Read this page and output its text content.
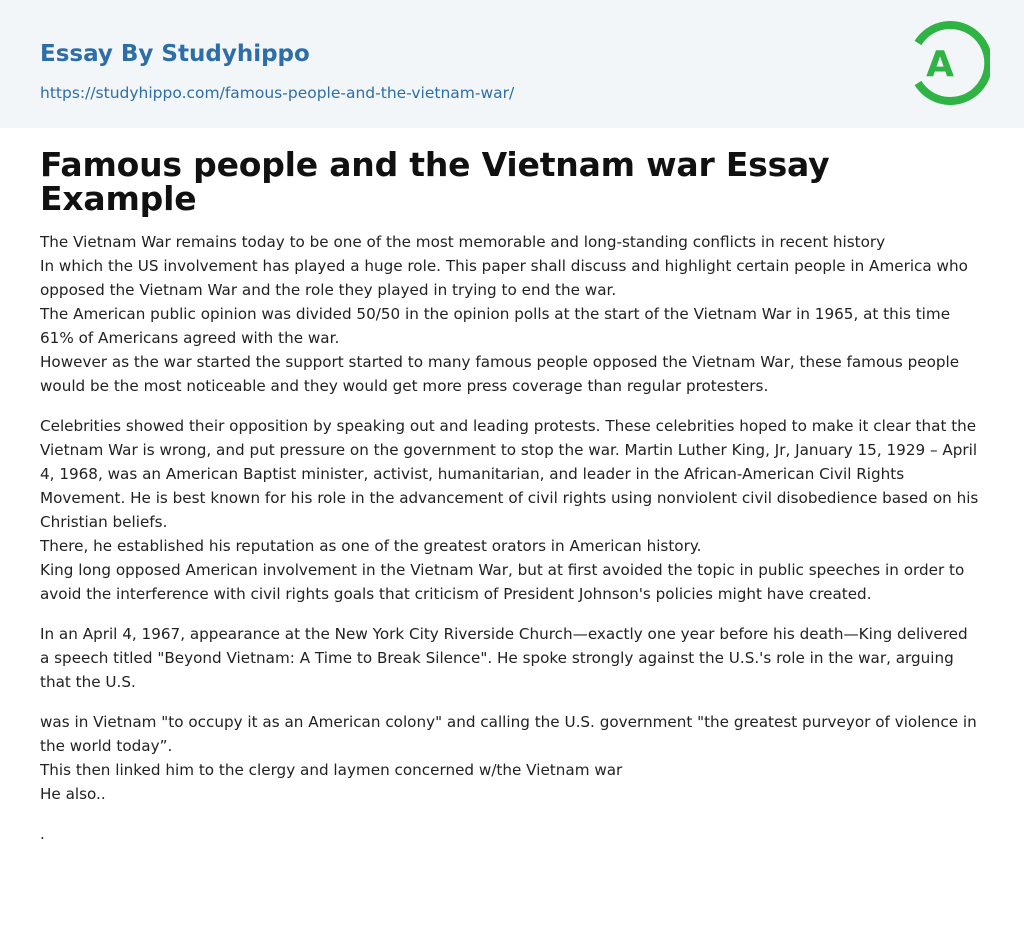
Essay By Studyhippo
https://studyhippo.com/famous-people-and-the-vietnam-war/
A
Famous people and the Vietnam war Essay Example

The Vietnam War remains today to be one of the most memorable and long-standing conflicts in recent history
In which the US involvement has played a huge role. This paper shall discuss and highlight certain people in America who opposed the Vietnam War and the role they played in trying to end the war.
The American public opinion was divided 50/50 in the opinion polls at the start of the Vietnam War in 1965, at this time 61% of Americans agreed with the war.
However as the war started the support started to many famous people opposed the Vietnam War, these famous people would be the most noticeable and they would get more press coverage than regular protesters.

Celebrities showed their opposition by speaking out and leading protests. These celebrities hoped to make it clear that the Vietnam War is wrong, and put pressure on the government to stop the war. Martin Luther King, Jr, January 15, 1929 – April 4, 1968, was an American Baptist minister, activist, humanitarian, and leader in the African-American Civil Rights Movement. He is best known for his role in the advancement of civil rights using nonviolent civil disobedience based on his Christian beliefs.
There, he established his reputation as one of the greatest orators in American history.
King long opposed American involvement in the Vietnam War, but at first avoided the topic in public speeches in order to avoid the interference with civil rights goals that criticism of President Johnson's policies might have created.

In an April 4, 1967, appearance at the New York City Riverside Church—exactly one year before his death—King delivered a speech titled "Beyond Vietnam: A Time to Break Silence". He spoke strongly against the U.S.'s role in the war, arguing that the U.S.

was in Vietnam "to occupy it as an American colony" and calling the U.S. government "the greatest purveyor of violence in the world today”.
This then linked him to the clergy and laymen concerned w/the Vietnam war
He also..

.
